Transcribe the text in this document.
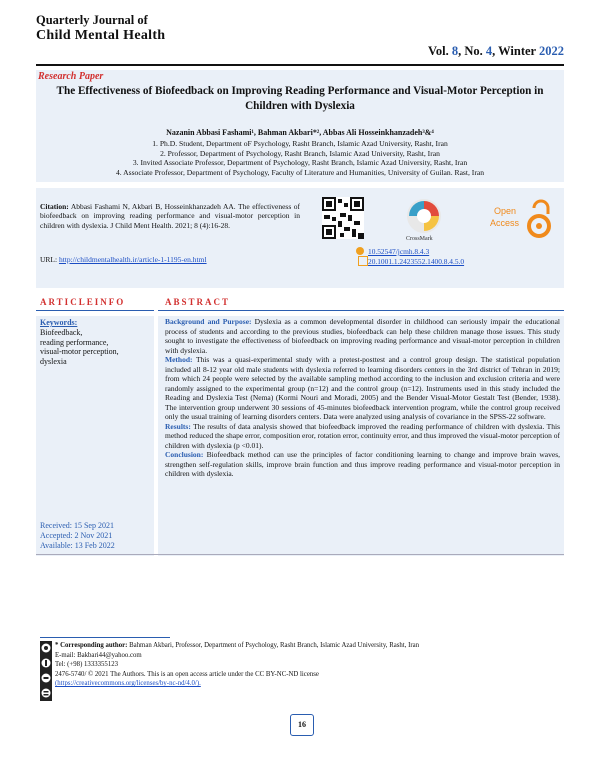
Quarterly Journal of
Child Mental Health
Vol. 8, No. 4, Winter 2022
Research Paper
The Effectiveness of Biofeedback on Improving Reading Performance and Visual-Motor Perception in Children with Dyslexia
Nazanin Abbasi Fashami¹, Bahman Akbari*², Abbas Ali Hosseinkhanzadeh³&⁴
1. Ph.D. Student, Department oF Psychology, Rasht Branch, Islamic Azad University, Rasht, Iran
2. Professor, Department of Psychology, Rasht Branch, Islamic Azad University, Rasht, Iran
3. Invited Associate Professor, Department of Psychology, Rasht Branch, Islamic Azad University, Rasht, Iran
4. Associate Professor, Department of Psychology, Faculty of Literature and Humanities, University of Guilan. Rast, Iran
Citation: Abbasi Fashami N, Akbari B, Hosseinkhanzadeh AA. The effectiveness of biofeedback on improving reading performance and visual-motor perception in children with dyslexia. J Child Ment Health. 2021; 8 (4):16-28.
URL: http://childmentalhealth.ir/article-1-1195-en.html
CrossMark
Open
Access
10.52547/jcmh.8.4.3
20.1001.1.2423552.1400.8.4.5.0
ARTICLEINFO	ABSTRACT
Keywords:
Biofeedback,
reading performance,
visual-motor perception,
dyslexia
Received: 15 Sep 2021
Accepted: 2 Nov 2021
Available: 13 Feb 2022

Background and Purpose: Dyslexia as a common developmental disorder in childhood can seriously impair the educational process of students and according to the previous studies, biofeedback can help these children manage those issues. This study sought to investigate the effectiveness of biofeedback on improving reading performance and visual-motor perception in children with dyslexia.

Method: This was a quasi-experimental study with a pretest-posttest and a control group design. The statistical population included all 8-12 year old male students with dyslexia referred to learning disorders centers in the 3rd district of Tehran in 2019; from which 24 people were selected by the available sampling method according to the inclusion and exclusion criteria and were randomly assigned to the experimental group (n=12) and the control group (n=12). Instruments used in this study included the Reading and Dyslexia Test (Nema) (Kormi Nouri and Moradi, 2005) and the Bender Visual-Motor Gestalt Test (Bender, 1938). The intervention group underwent 30 sessions of 45-minutes biofeedback intervention program, while the control group received only the usual training of learning disorders centers. Data were analyzed using analysis of covariance in the SPSS-22 software.

Results: The results of data analysis showed that biofeedback improved the reading performance of children with dyslexia. This method reduced the shape error, composition eror, rotation error, continuity error, and thus improved the visual-motor perception of children with dyslexia (p <0.01).

Conclusion: Biofeedback method can use the principles of factor conditioning learning to change and improve brain waves, strengthen self-regulation skills, improve brain function and thus improve reading performance and visual-motor perception in children with dyslexia.

* Corresponding author: Bahman Akbari, Professor, Department of Psychology, Rasht Branch, Islamic Azad University, Rasht, Iran
E-mail: Bakbari44@yahoo.com
Tel: (+98) 1333355123
2476-5740/ © 2021 The Authors. This is an open access article under the CC BY-NC-ND license
(https://creativecommons.org/licenses/by-nc-nd/4.0/).
16
